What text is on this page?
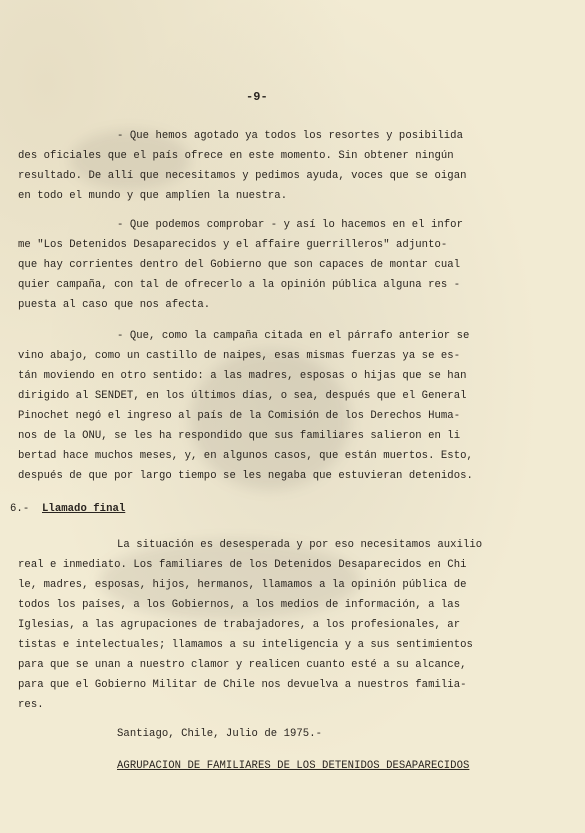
-9-
- Que hemos agotado ya todos los resortes y posibilida
des oficiales que el país ofrece en este momento. Sin obtener ningún
resultado. De allí que necesitamos y pedimos ayuda, voces que se oigan
en todo el mundo y que amplíen la nuestra.
- Que podemos comprobar - y así lo hacemos en el infor
me "Los Detenidos Desaparecidos y el affaire guerrilleros" adjunto-
que hay corrientes dentro del Gobierno que son capaces de montar cual
quier campaña, con tal de ofrecerlo a la opinión pública alguna res -
puesta al caso que nos afecta.
- Que, como la campaña citada en el párrafo anterior se
vino abajo, como un castillo de naipes, esas mismas fuerzas ya se es-
tán moviendo en otro sentido: a las madres, esposas o hijas que se han
dirigido al SENDET, en los últimos días, o sea, después que el General
Pinochet negó el ingreso al país de la Comisión de los Derechos Huma-
nos de la ONU, se les ha respondido que sus familiares salieron en li
bertad hace muchos meses, y, en algunos casos, que están muertos. Esto,
después de que por largo tiempo se les negaba que estuvieran detenidos.
6.- Llamado final
La situación es desesperada y por eso necesitamos auxilio
real e inmediato. Los familiares de los Detenidos Desaparecidos en Chi
le, madres, esposas, hijos, hermanos, llamamos a la opinión pública de
todos los países, a los Gobiernos, a los medios de información, a las
Iglesias, a las agrupaciones de trabajadores, a los profesionales, ar
tistas e intelectuales; llamamos a su inteligencia y a sus sentimientos
para que se unan a nuestro clamor y realicen cuanto esté a su alcance,
para que el Gobierno Militar de Chile nos devuelva a nuestros familia-
res.
Santiago, Chile, Julio de 1975.-
AGRUPACION DE FAMILIARES DE LOS DETENIDOS DESAPARECIDOS
